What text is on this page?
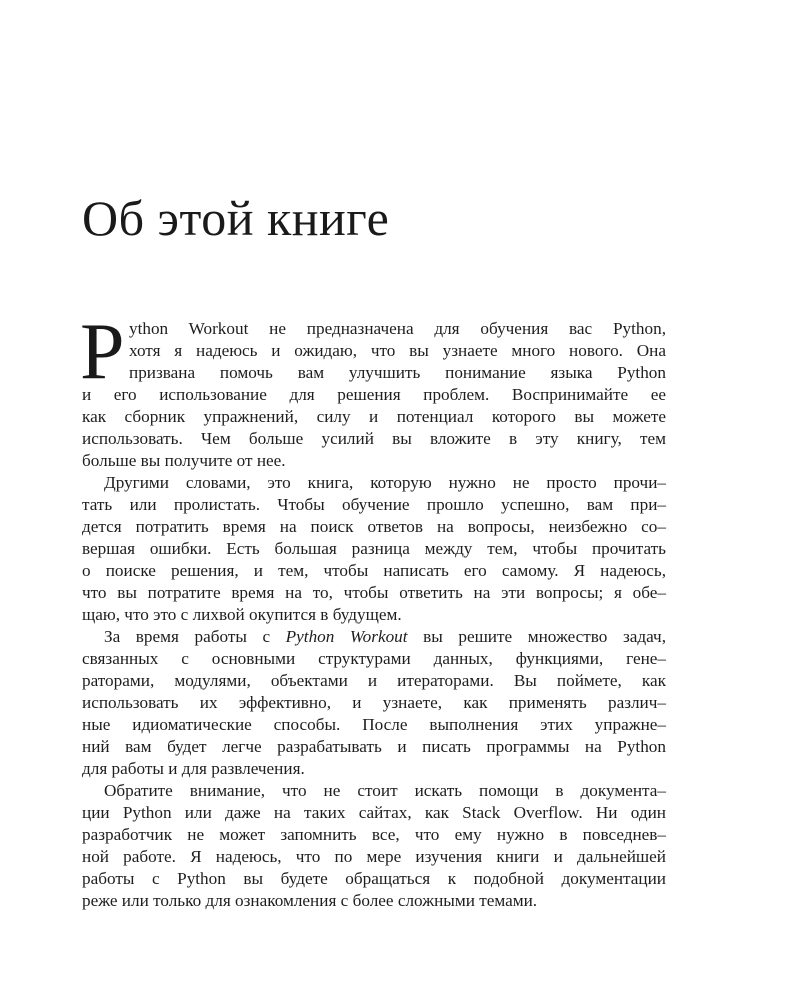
Об этой книге
P ython Workout не предназначена для обучения вас Python,
хотя я надеюсь и ожидаю, что вы узнаете много нового. Она
призвана помочь вам улучшить понимание языка Python
и его использование для решения проблем. Воспринимайте ее
как сборник упражнений, силу и потенциал которого вы можете
использовать. Чем больше усилий вы вложите в эту книгу, тем
больше вы получите от нее.
Другими словами, это книга, которую нужно не просто прочи–
тать или пролистать. Чтобы обучение прошло успешно, вам при–
дется потратить время на поиск ответов на вопросы, неизбежно со–
вершая ошибки. Есть большая разница между тем, чтобы прочитать
о поиске решения, и тем, чтобы написать его самому. Я надеюсь,
что вы потратите время на то, чтобы ответить на эти вопросы; я обе–
щаю, что это с лихвой окупится в будущем.
За время работы с Python Workout вы решите множество задач,
связанных с основными структурами данных, функциями, гене–
раторами, модулями, объектами и итераторами. Вы поймете, как
использовать их эффективно, и узнаете, как применять различ–
ные идиоматические способы. После выполнения этих упражне–
ний вам будет легче разрабатывать и писать программы на Python
для работы и для развлечения.
Обратите внимание, что не стоит искать помощи в документа–
ции Python или даже на таких сайтах, как Stack Overflow. Ни один
разработчик не может запомнить все, что ему нужно в повседнев–
ной работе. Я надеюсь, что по мере изучения книги и дальнейшей
работы с Python вы будете обращаться к подобной документации
реже или только для ознакомления с более сложными темами.
